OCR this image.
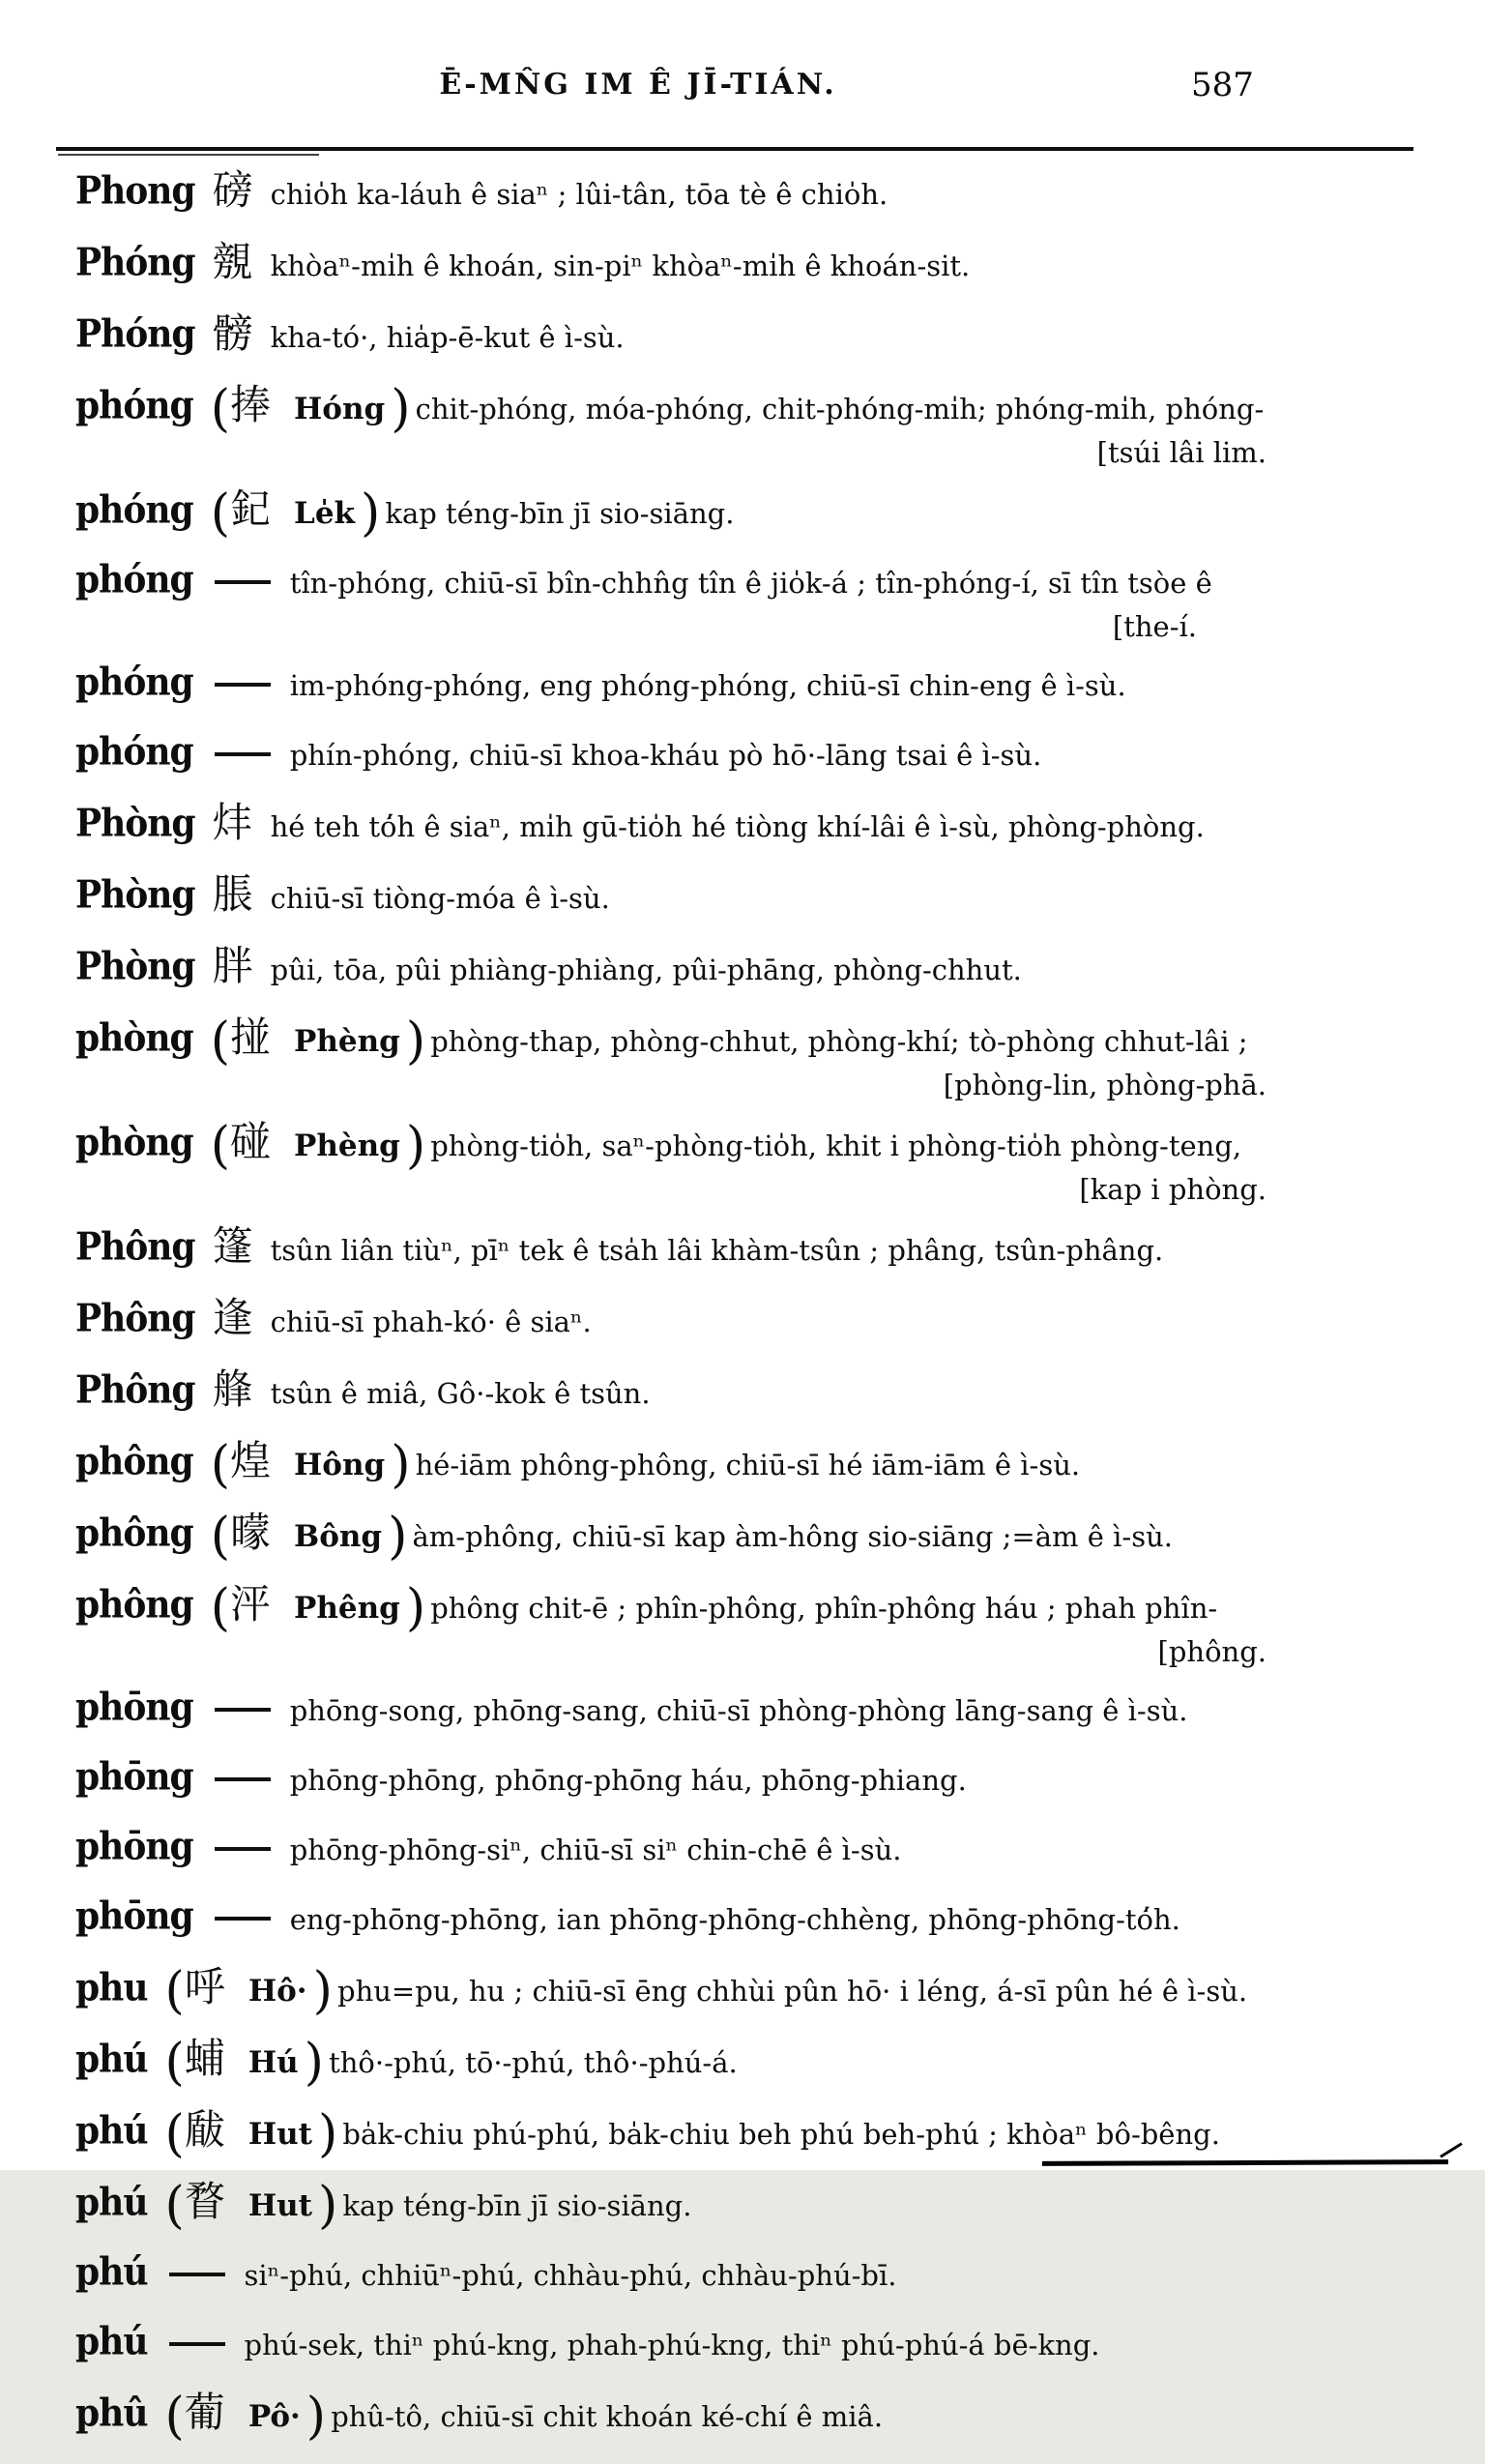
Ē-MN̂G IM Ê JĪ-TIÁN.	587
Phong 磅 chio̍h ka-láuh ê siaⁿ ; lûi-tân, tōa tè ê chio̍h.
Phóng 覫 khòaⁿ-mi̍h ê khoán, sin-piⁿ khòaⁿ-mi̍h ê khoán-sit.
Phóng 髈 kha-tó·, hia̍p-ē-kut ê ì-sù.
phóng (捧 Hóng ) chit-phóng, móa-phóng, chit-phóng-mi̍h; phóng-mi̍h, phóng-
[tsúi lâi lim.
phóng (𨥈 Le̍k ) kap téng-bīn jī sio-siāng.
phóng	tîn-phóng, chiū-sī bîn-chhn̂g tîn ê jio̍k-á ; tîn-phóng-í, sī tîn tsòe ê
[the-í.
phóng	im-phóng-phóng, eng phóng-phóng, chiū-sī chin-eng ê ì-sù.
phóng	phín-phóng, chiū-sī khoa-kháu pò hō·-lāng tsai ê ì-sù.
Phòng 炐 hé teh tó̍h ê siaⁿ, mi̍h gū-tio̍h hé tiòng khí-lâi ê ì-sù, phòng-phòng.
Phòng 脹 chiū-sī tiòng-móa ê ì-sù.
Phòng 胖 pûi, tōa, pûi phiàng-phiàng, pûi-phāng, phòng-chhut.
phòng (掽 Phèng ) phòng-thap, phòng-chhut, phòng-khí; tò-phòng chhut-lâi ;
[phòng-lin, phòng-phā.
phòng (碰 Phèng ) phòng-tio̍h, saⁿ-phòng-tio̍h, khit i phòng-tio̍h phòng-teng,
[kap i phòng.
Phông 篷 tsûn liân tiùⁿ, pīⁿ tek ê tsa̍h lâi khàm-tsûn ; phâng, tsûn-phâng.
Phông 逢 chiū-sī phah-kó· ê siaⁿ.
Phông 艂 tsûn ê miâ, Gô·-kok ê tsûn.
phông (煌 Hông ) hé-iām phông-phông, chiū-sī hé iām-iām ê ì-sù.
phông (曚 Bông ) àm-phông, chiū-sī kap àm-hông sio-siāng ;=àm ê ì-sù.
phông (泙 Phêng ) phông chit-ē ; phîn-phông, phîn-phông háu ; phah phîn-
[phông.
phōng	phōng-song, phōng-sang, chiū-sī phòng-phòng lāng-sang ê ì-sù.
phōng	phōng-phōng, phōng-phōng háu, phōng-phiang.
phōng	phōng-phōng-siⁿ, chiū-sī siⁿ chin-chē ê ì-sù.
phōng	eng-phōng-phōng, ian phōng-phōng-chhèng, phōng-phōng-tó̍h.
phu (呼 Hô· ) phu=pu, hu ; chiū-sī ēng chhùi pûn hō· i léng, á-sī pûn hé ê ì-sù.
phú (蜅 Hú ) thô·-phú, tō·-phú, thô·-phú-á.
phú (瞂 Hut ) ba̍k-chiu phú-phú, ba̍k-chiu beh phú beh-phú ; khòaⁿ bô-bêng.
phú (瞀 Hut ) kap téng-bīn jī sio-siāng.
phú	siⁿ-phú, chhiūⁿ-phú, chhàu-phú, chhàu-phú-bī.
phú	phú-sek, thiⁿ phú-kng, phah-phú-kng, thiⁿ phú-phú-á bē-kng.
phû (葡 Pô· ) phû-tô, chiū-sī chit khoán ké-chí ê miâ.
